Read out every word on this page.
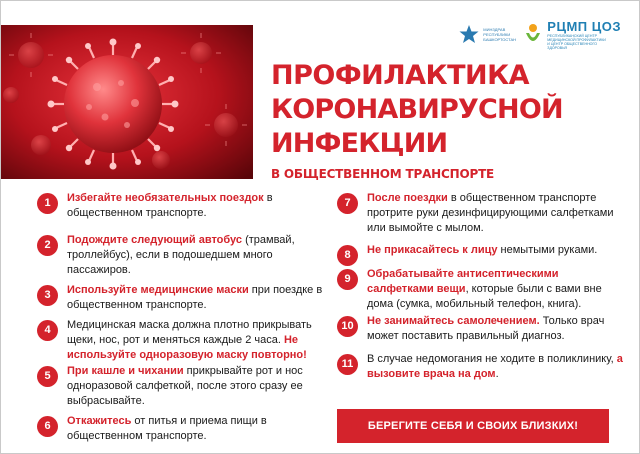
МИНЗДРАВ РЕСПУБЛИКИ БАШКОРТОСТАН
РЦМП ЦОЗ
РЕСПУБЛИКАНСКИЙ ЦЕНТР МЕДИЦИНСКОЙ ПРОФИЛАКТИКИ И ЦЕНТР ОБЩЕСТВЕННОГО ЗДОРОВЬЯ
ПРОФИЛАКТИКА
КОРОНАВИРУСНОЙ ИНФЕКЦИИ
В ОБЩЕСТВЕННОМ ТРАНСПОРТЕ
1	Избегайте необязательных поездок в общественном транспорте.
2	Подождите следующий автобус (трамвай, троллейбус), если в подошедшем много пассажиров.
3	Используйте медицинские маски при поездке в общественном транспорте.
4	Медицинская маска должна плотно прикрывать щеки, нос, рот и меняться каждые 2 часа. Не используйте одноразовую маску повторно!
5	При кашле и чихании прикрывайте рот и нос одноразовой салфеткой, после этого сразу ее выбрасывайте.
6	Откажитесь от питья и приема пищи в общественном транспорте.
7	После поездки в общественном транспорте протрите руки дезинфицирующими салфетками или вымойте с мылом.
8	Не прикасайтесь к лицу немытыми руками.
9	Обрабатывайте антисептическими салфетками вещи, которые были с вами вне дома (сумка, мобильный телефон, книга).
10	Не занимайтесь самолечением. Только врач может поставить правильный диагноз.
11	В случае недомогания не ходите в поликлинику, а вызовите врача на дом.
БЕРЕГИТЕ СЕБЯ И СВОИХ БЛИЗКИХ!
